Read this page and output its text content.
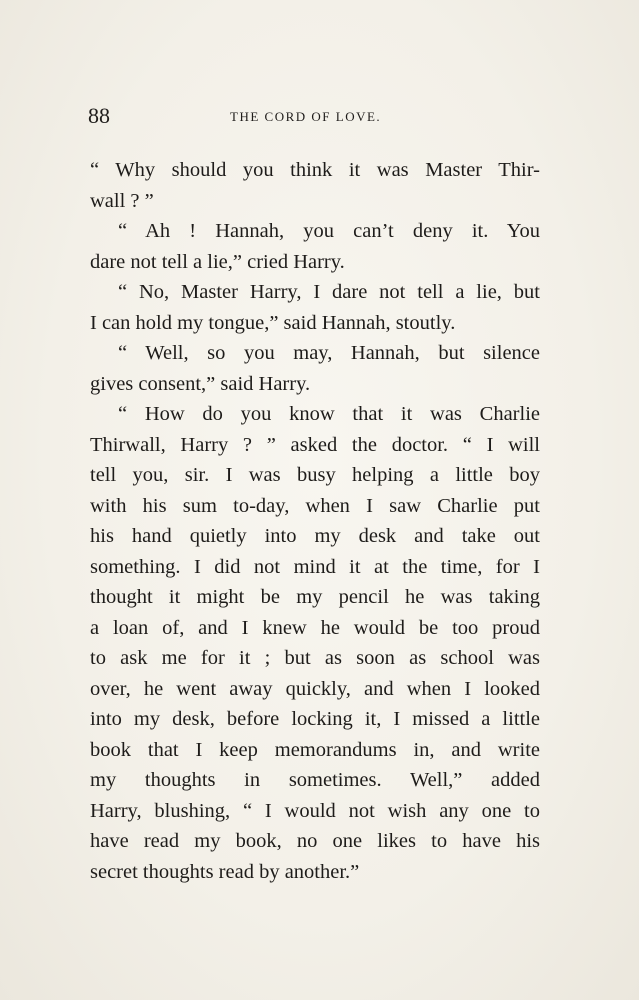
88	THE CORD OF LOVE.
“ Why should you think it was Master Thir-
wall ? ”
“ Ah ! Hannah, you can’t deny it. You
dare not tell a lie,” cried Harry.
“ No, Master Harry, I dare not tell a lie, but
I can hold my tongue,” said Hannah, stoutly.
“ Well, so you may, Hannah, but silence
gives consent,” said Harry.
“ How do you know that it was Charlie
Thirwall, Harry ? ” asked the doctor. “ I will
tell you, sir. I was busy helping a little boy
with his sum to-day, when I saw Charlie put
his hand quietly into my desk and take out
something. I did not mind it at the time, for I
thought it might be my pencil he was taking
a loan of, and I knew he would be too proud
to ask me for it ; but as soon as school was
over, he went away quickly, and when I looked
into my desk, before locking it, I missed a little
book that I keep memorandums in, and write
my thoughts in sometimes. Well,” added
Harry, blushing, “ I would not wish any one to
have read my book, no one likes to have his
secret thoughts read by another.”
